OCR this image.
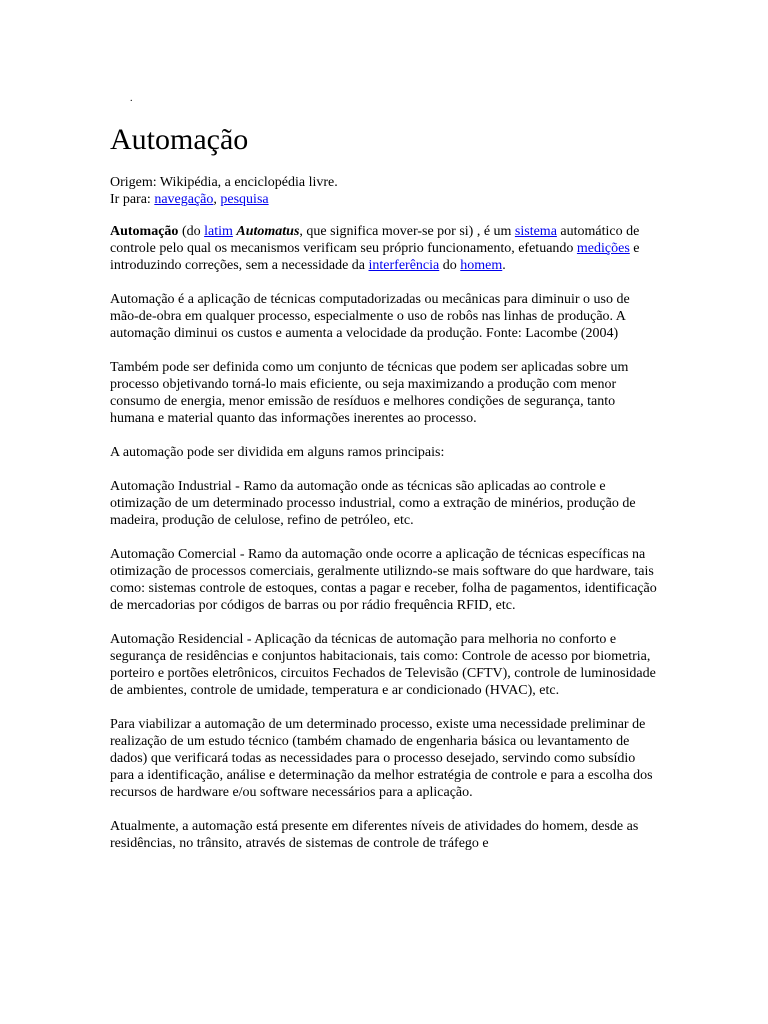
.
Automação

Origem: Wikipédia, a enciclopédia livre.

Ir para: navegação, pesquisa

Automação (do latim Automatus, que significa mover-se por si) , é um sistema automático de controle pelo qual os mecanismos verificam seu próprio funcionamento, efetuando medições e introduzindo correções, sem a necessidade da interferência do homem.

Automação é a aplicação de técnicas computadorizadas ou mecânicas para diminuir o uso de mão-de-obra em qualquer processo, especialmente o uso de robôs nas linhas de produção. A automação diminui os custos e aumenta a velocidade da produção. Fonte: Lacombe (2004)

Também pode ser definida como um conjunto de técnicas que podem ser aplicadas sobre um processo objetivando torná-lo mais eficiente, ou seja maximizando a produção com menor consumo de energia, menor emissão de resíduos e melhores condições de segurança, tanto humana e material quanto das informações inerentes ao processo.

A automação pode ser dividida em alguns ramos principais:

Automação Industrial - Ramo da automação onde as técnicas são aplicadas ao controle e otimização de um determinado processo industrial, como a extração de minérios, produção de madeira, produção de celulose, refino de petróleo, etc.

Automação Comercial - Ramo da automação onde ocorre a aplicação de técnicas específicas na otimização de processos comerciais, geralmente utilizndo-se mais software do que hardware, tais como: sistemas controle de estoques, contas a pagar e receber, folha de pagamentos, identificação de mercadorias por códigos de barras ou por rádio frequência RFID, etc.

Automação Residencial - Aplicação da técnicas de automação para melhoria no conforto e segurança de residências e conjuntos habitacionais, tais como: Controle de acesso por biometria, porteiro e portões eletrônicos, circuitos Fechados de Televisão (CFTV), controle de luminosidade de ambientes, controle de umidade, temperatura e ar condicionado (HVAC), etc.

Para viabilizar a automação de um determinado processo, existe uma necessidade preliminar de realização de um estudo técnico (também chamado de engenharia básica ou levantamento de dados) que verificará todas as necessidades para o processo desejado, servindo como subsídio para a identificação, análise e determinação da melhor estratégia de controle e para a escolha dos recursos de hardware e/ou software necessários para a aplicação.

Atualmente, a automação está presente em diferentes níveis de atividades do homem, desde as residências, no trânsito, através de sistemas de controle de tráfego e
